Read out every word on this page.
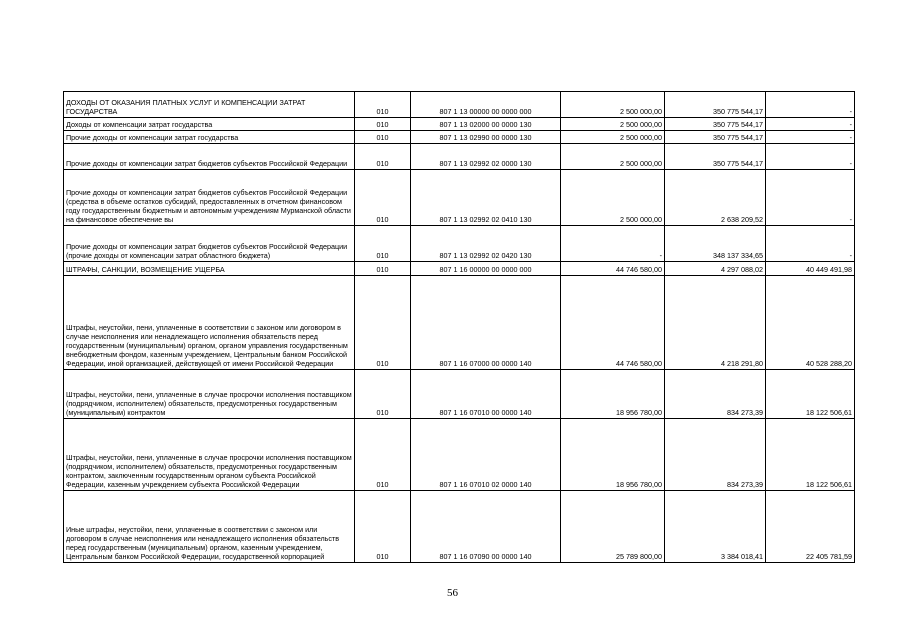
ДОХОДЫ ОТ ОКАЗАНИЯ ПЛАТНЫХ УСЛУГ И КОМПЕНСАЦИИ ЗАТРАТ ГОСУДАРСТВА	010	807 1 13 00000 00 0000 000	2 500 000,00	350 775 544,17	-
Доходы от компенсации затрат государства	010	807 1 13 02000 00 0000 130	2 500 000,00	350 775 544,17	-
Прочие доходы от компенсации затрат государства	010	807 1 13 02990 00 0000 130	2 500 000,00	350 775 544,17	-
Прочие доходы от компенсации затрат бюджетов субъектов Российской Федерации	010	807 1 13 02992 02 0000 130	2 500 000,00	350 775 544,17	-
Прочие доходы от компенсации затрат бюджетов субъектов Российской Федерации (средства в объеме остатков субсидий, предоставленных в отчетном финансовом году государственным бюджетным и автономным учреждениям Мурманской области на финансовое обеспечение вы	010	807 1 13 02992 02 0410 130	2 500 000,00	2 638 209,52	-
Прочие доходы от компенсации затрат бюджетов субъектов Российской Федерации (прочие доходы от компенсации затрат областного бюджета)	010	807 1 13 02992 02 0420 130	-	348 137 334,65	-
ШТРАФЫ, САНКЦИИ, ВОЗМЕЩЕНИЕ УЩЕРБА	010	807 1 16 00000 00 0000 000	44 746 580,00	4 297 088,02	40 449 491,98
Штрафы, неустойки, пени, уплаченные в соответствии с законом или договором в случае неисполнения или ненадлежащего исполнения обязательств перед государственным (муниципальным) органом, органом управления государственным внебюджетным фондом, казенным учреждением, Центральным банком Российской Федерации, иной организацией, действующей от имени Российской Федерации	010	807 1 16 07000 00 0000 140	44 746 580,00	4 218 291,80	40 528 288,20
Штрафы, неустойки, пени, уплаченные в случае просрочки исполнения поставщиком (подрядчиком, исполнителем) обязательств, предусмотренных государственным (муниципальным) контрактом	010	807 1 16 07010 00 0000 140	18 956 780,00	834 273,39	18 122 506,61
Штрафы, неустойки, пени, уплаченные в случае просрочки исполнения поставщиком (подрядчиком, исполнителем) обязательств, предусмотренных государственным контрактом, заключенным государственным органом субъекта Российской Федерации, казенным учреждением субъекта Российской Федерации	010	807 1 16 07010 02 0000 140	18 956 780,00	834 273,39	18 122 506,61
Иные штрафы, неустойки, пени, уплаченные в соответствии с законом или договором в случае неисполнения или ненадлежащего исполнения обязательств перед государственным (муниципальным) органом, казенным учреждением, Центральным банком Российской Федерации, государственной корпорацией	010	807 1 16 07090 00 0000 140	25 789 800,00	3 384 018,41	22 405 781,59
56
